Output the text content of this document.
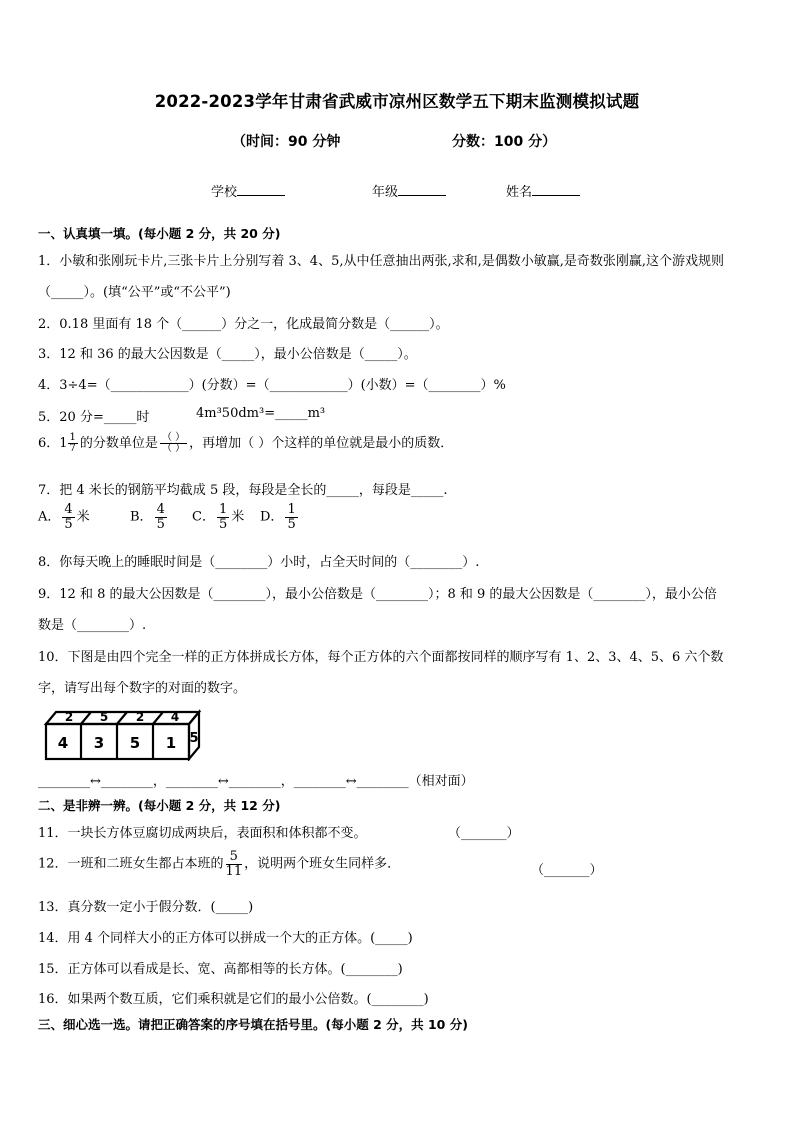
2022-2023学年甘肃省武威市凉州区数学五下期末监测模拟试题
（时间：90 分钟	分数：100 分）
学校	年级	姓名
一、认真填一填。(每小题 2 分，共 20 分)
1．小敏和张刚玩卡片,三张卡片上分别写着 3、4、5,从中任意抽出两张,求和,是偶数小敏赢,是奇数张刚赢,这个游戏规则
（_____）。(填“公平”或“不公平”)
2．0.18 里面有 18 个（______）分之一，化成最简分数是（______）。
3．12 和 36 的最大公因数是（_____），最小公倍数是（_____）。
4．3÷4=（____________）(分数）=（____________）(小数）=（________）%
5．20 分=_____时	4m³50dm³=_____m³
6．$1 \frac{1}{7}$ 的分数单位是 $\frac{( )}{( )}$ ，再增加（ ）个这样的单位就是最小的质数．
7．把 4 米长的钢筋平均截成 5 段，每段是全长的_____，每段是_____.
A． $\frac{4}{5}$ 米	B． $\frac{4}{5}$ C． $\frac{1}{5}$ 米 D． $\frac{1}{5}$
8．你每天晚上的睡眠时间是（________）小时，占全天时间的（________）.
9．12 和 8 的最大公因数是（________），最小公倍数是（________）；8 和 9 的最大公因数是（________），最小公倍
数是（________）.
10．下图是由四个完全一样的正方体拼成长方体，每个正方体的六个面都按同样的顺序写有 1、2、3、4、5、6 六个数
字，请写出每个数字的对面的数字。
2 5 2 4
4 3 5 1 5
________↔________，________↔________，________↔________（相对面）
二、是非辨一辨。(每小题 2 分，共 12 分)
11．一块长方体豆腐切成两块后，表面积和体积都不变。	（_______）
12．一班和二班女生都占本班的 $\frac{5}{11}$ ，说明两个班女生同样多．	（_______）
13．真分数一定小于假分数．(_____)
14．用 4 个同样大小的正方体可以拼成一个大的正方体。(_____)
15．正方体可以看成是长、宽、高都相等的长方体。(________)
16．如果两个数互质，它们乘积就是它们的最小公倍数。(________)
三、细心选一选。请把正确答案的序号填在括号里。(每小题 2 分，共 10 分)
